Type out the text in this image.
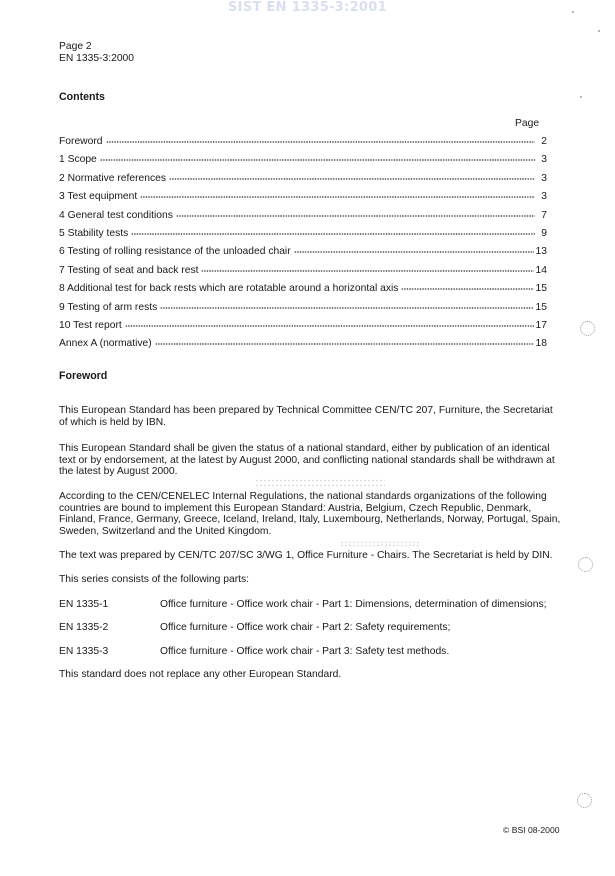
SIST EN 1335-3:2001
Page 2
EN 1335-3:2000
Contents
Page
Foreword	2
1 Scope	3
2 Normative references	3
3 Test equipment	3
4 General test conditions	7
5 Stability tests	9
6 Testing of rolling resistance of the unloaded chair	13
7 Testing of seat and back rest	14
8 Additional test for back rests which are rotatable around a horizontal axis	15
9 Testing of arm rests	15
10 Test report	17
Annex A (normative)	18
Foreword

This European Standard has been prepared by Technical Committee CEN/TC 207, Furniture, the Secretariat of which is held by IBN.

This European Standard shall be given the status of a national standard, either by publication of an identical text or by endorsement, at the latest by August 2000, and conflicting national standards shall be withdrawn at the latest by August 2000.

According to the CEN/CENELEC Internal Regulations, the national standards organizations of the following countries are bound to implement this European Standard: Austria, Belgium, Czech Republic, Denmark, Finland, France, Germany, Greece, Iceland, Ireland, Italy, Luxembourg, Netherlands, Norway, Portugal, Spain, Sweden, Switzerland and the United Kingdom.

The text was prepared by CEN/TC 207/SC 3/WG 1, Office Furniture - Chairs. The Secretariat is held by DIN.

This series consists of the following parts:

EN 1335-1	Office furniture - Office work chair - Part 1: Dimensions, determination of dimensions;
EN 1335-2	Office furniture - Office work chair - Part 2: Safety requirements;
EN 1335-3	Office furniture - Office work chair - Part 3: Safety test methods.

This standard does not replace any other European Standard.

© BSI 08-2000
